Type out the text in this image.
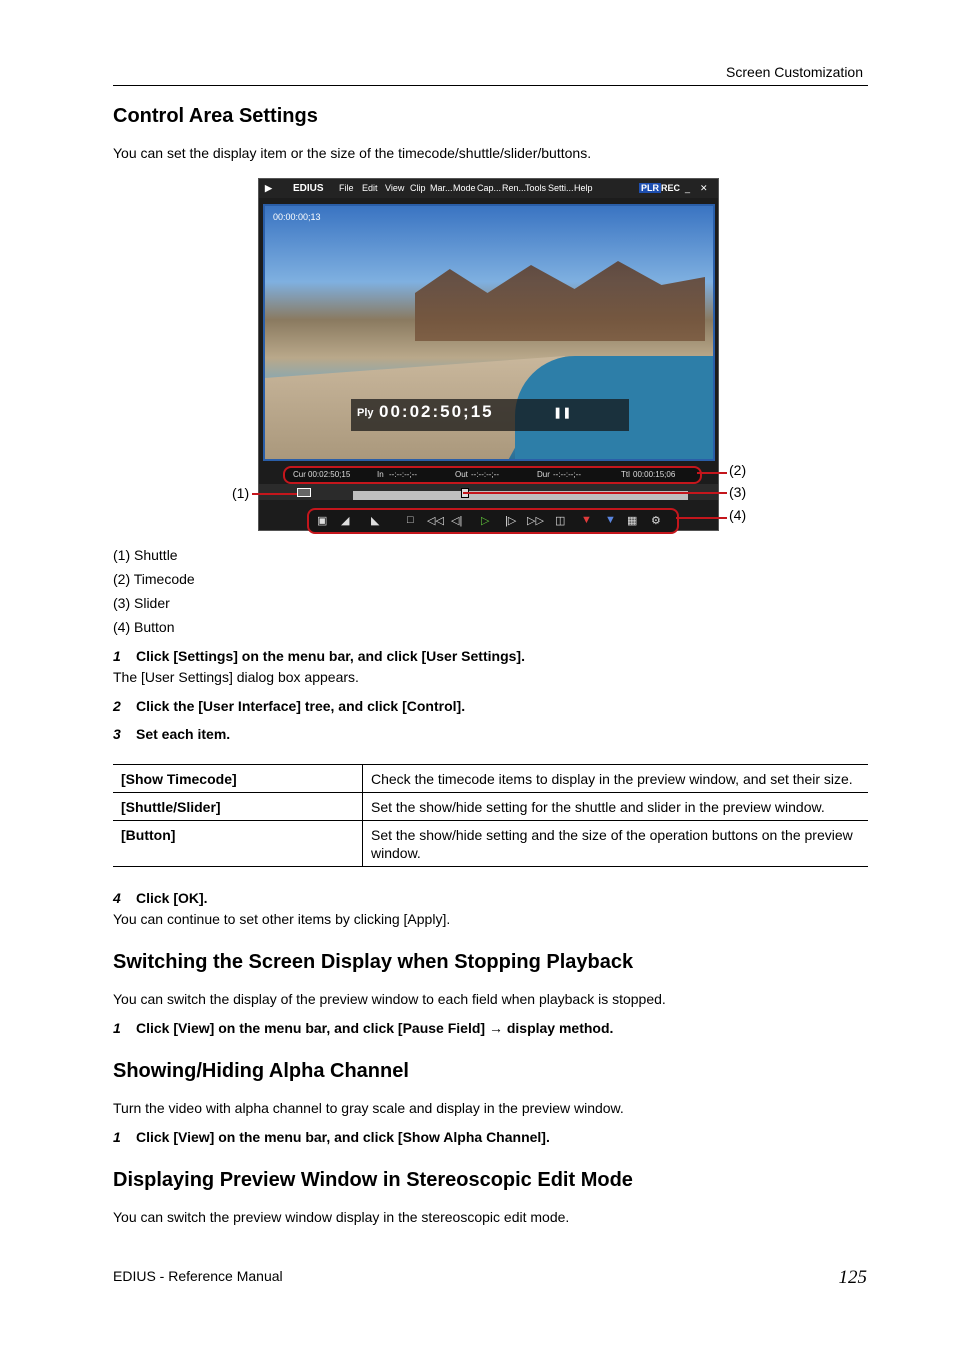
Screen Customization
Control Area Settings

You can set the display item or the size of the timecode/shuttle/slider/buttons.

▶ EDIUS File Edit View Clip Mar... Mode Cap... Ren...
Tools Setti... Help	PLR REC _ ✕
00:00:00;13
Ply 00:02:50;15	❚❚
Cur 00:02:50;15	In --:--:--;--	Out --:--:--;--	Dur --:--:--;--	Ttl 00:00:15;06
▣ ◢ ◣	□ ◁◁ ◁| ▷ |▷ ▷▷ ◫ ▼ ▼ ▦ ⚙
(1)
(2)
(3)
(4)
(1) Shuttle
(2) Timecode
(3) Slider
(4) Button
1 Click [Settings] on the menu bar, and click [User Settings].

The [User Settings] dialog box appears.

2 Click the [User Interface] tree, and click [Control].
3 Set each item.
[Show Timecode]	Check the timecode items to display in the preview window, and set their size.
[Shuttle/Slider]	Set the show/hide setting for the shuttle and slider in the preview window.
[Button]	Set the show/hide setting and the size of the operation buttons on the preview window.
4 Click [OK].

You can continue to set other items by clicking [Apply].

Switching the Screen Display when Stopping Playback

You can switch the display of the preview window to each field when playback is stopped.

1 Click [View] on the menu bar, and click [Pause Field] → display method.
Showing/Hiding Alpha Channel

Turn the video with alpha channel to gray scale and display in the preview window.

1 Click [View] on the menu bar, and click [Show Alpha Channel].
Displaying Preview Window in Stereoscopic Edit Mode

You can switch the preview window display in the stereoscopic edit mode.

EDIUS - Reference Manual	125
